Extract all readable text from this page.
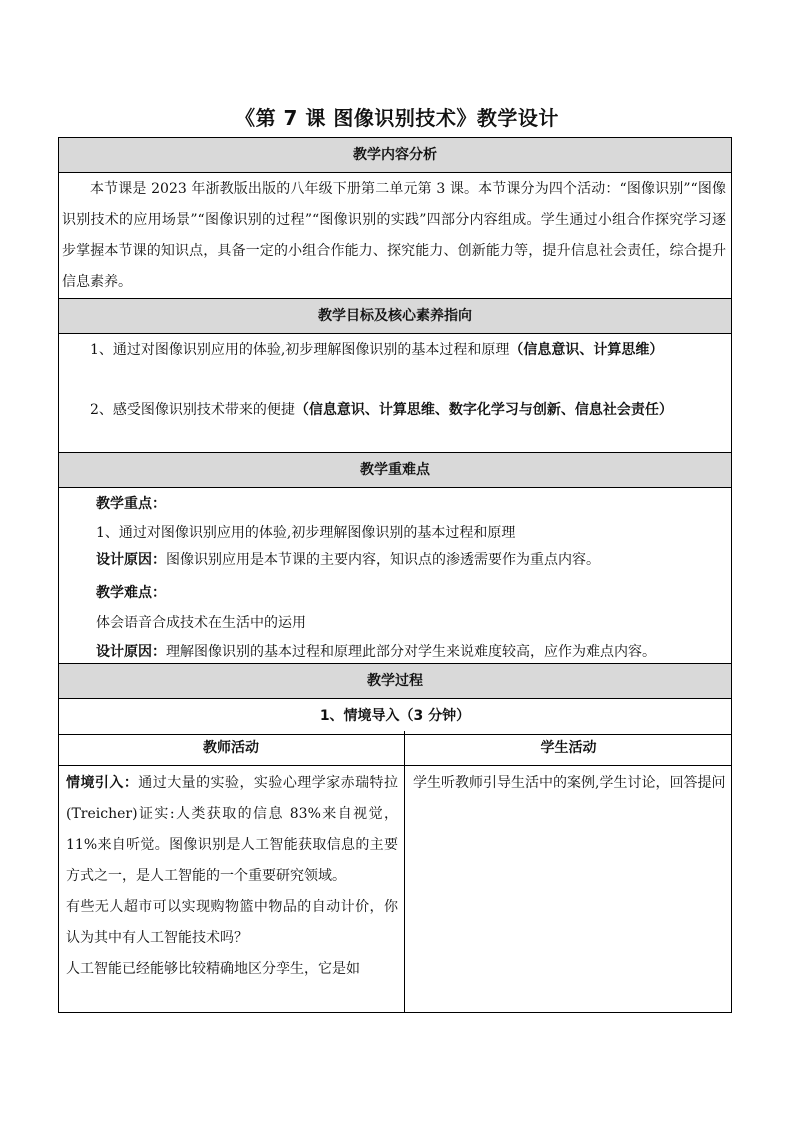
《第 7 课 图像识别技术》教学设计
教学内容分析
本节课是 2023 年浙教版出版的八年级下册第二单元第 3 课。本节课分为四个活动：“图像识别”“图像识别技术的应用场景”“图像识别的过程”“图像识别的实践”四部分内容组成。学生通过小组合作探究学习逐步掌握本节课的知识点，具备一定的小组合作能力、探究能力、创新能力等，提升信息社会责任，综合提升信息素养。
教学目标及核心素养指向
1、通过对图像识别应用的体验,初步理解图像识别的基本过程和原理（信息意识、计算思维）
2、感受图像识别技术带来的便捷（信息意识、计算思维、数字化学习与创新、信息社会责任）
教学重难点
教学重点：
1、通过对图像识别应用的体验,初步理解图像识别的基本过程和原理
设计原因：图像识别应用是本节课的主要内容，知识点的渗透需要作为重点内容。
教学难点：
体会语音合成技术在生活中的运用
设计原因：理解图像识别的基本过程和原理此部分对学生来说难度较高，应作为难点内容。
教学过程
1、情境导入（3 分钟）
教师活动
情境引入：通过大量的实验，实验心理学家赤瑞特拉(Treicher)证实:人类获取的信息 83%来自视觉，11%来自听觉。图像识别是人工智能获取信息的主要方式之一，是人工智能的一个重要研究领域。
有些无人超市可以实现购物篮中物品的自动计价，你认为其中有人工智能技术吗？
人工智能已经能够比较精确地区分孪生，它是如
学生活动
学生听教师引导生活中的案例,学生讨论，回答提问
